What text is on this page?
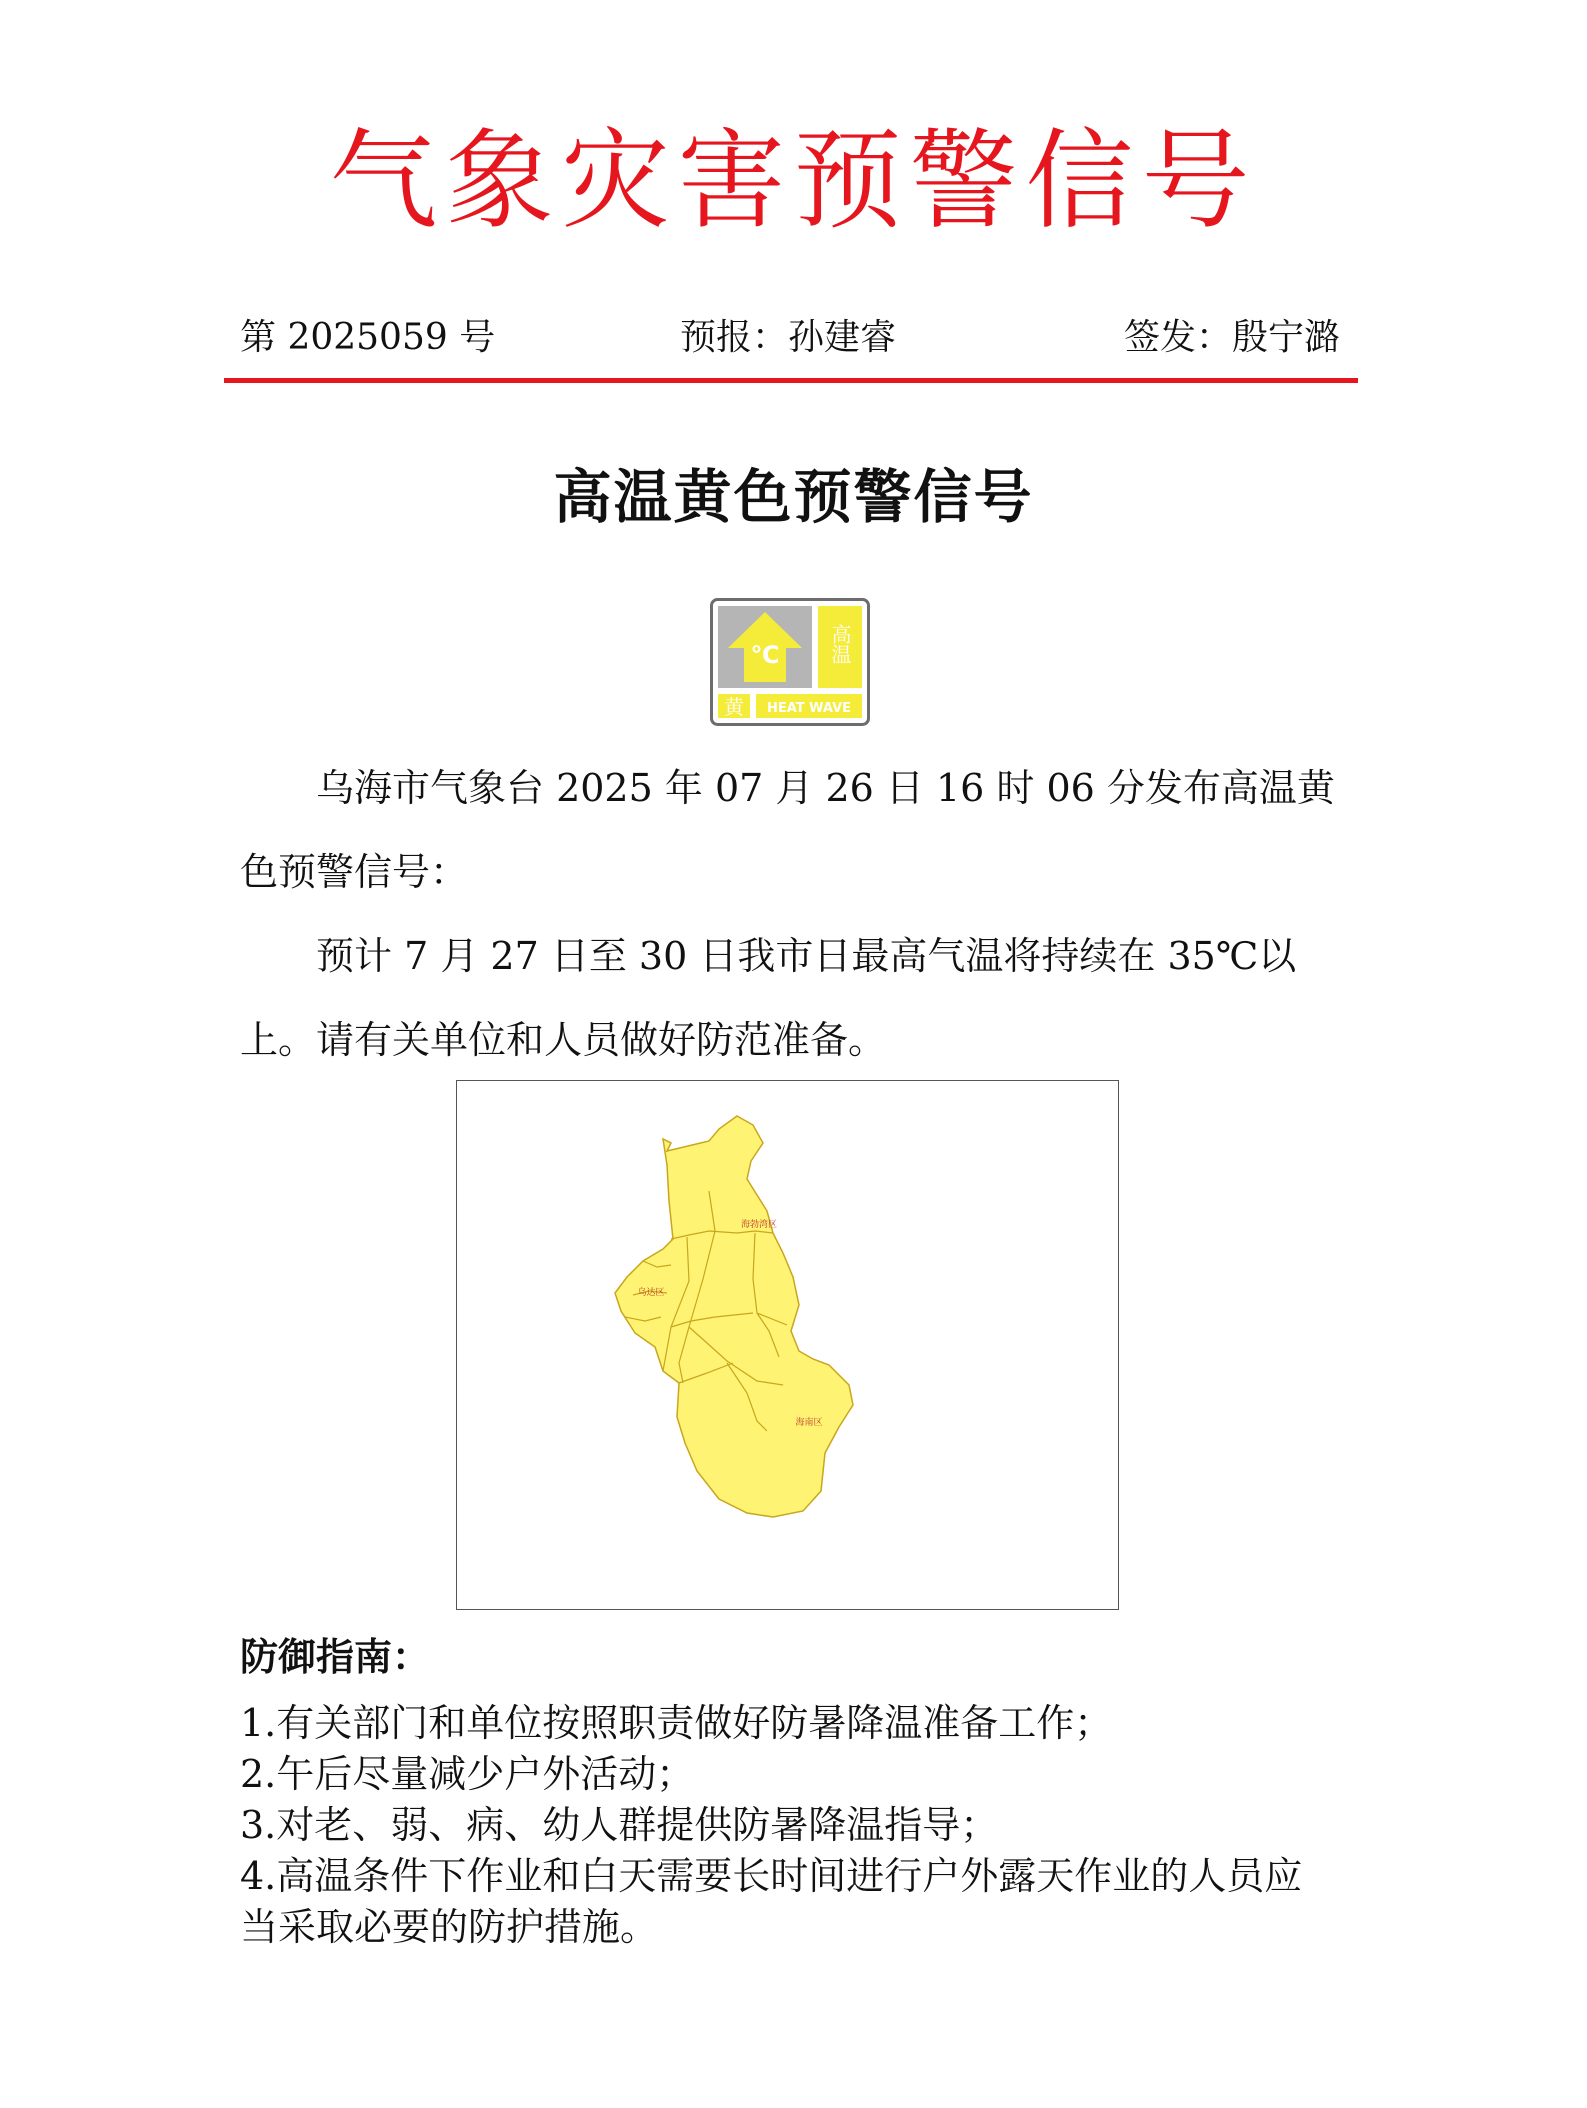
气象灾害预警信号
第 2025059 号	预报：孙建睿	签发：殷宁潞
高温黄色预警信号
℃ 高温
黄 HEAT WAVE

乌海市气象台 2025 年 07 月 26 日 16 时 06 分发布高温黄色预警信号：

预计 7 月 27 日至 30 日我市日最高气温将持续在 35℃以上。请有关单位和人员做好防范准备。

海勃湾区
乌达区
海南区
防御指南：
1.有关部门和单位按照职责做好防暑降温准备工作；
2.午后尽量减少户外活动；
3.对老、弱、病、幼人群提供防暑降温指导；
4.高温条件下作业和白天需要长时间进行户外露天作业的人员应当采取必要的防护措施。
